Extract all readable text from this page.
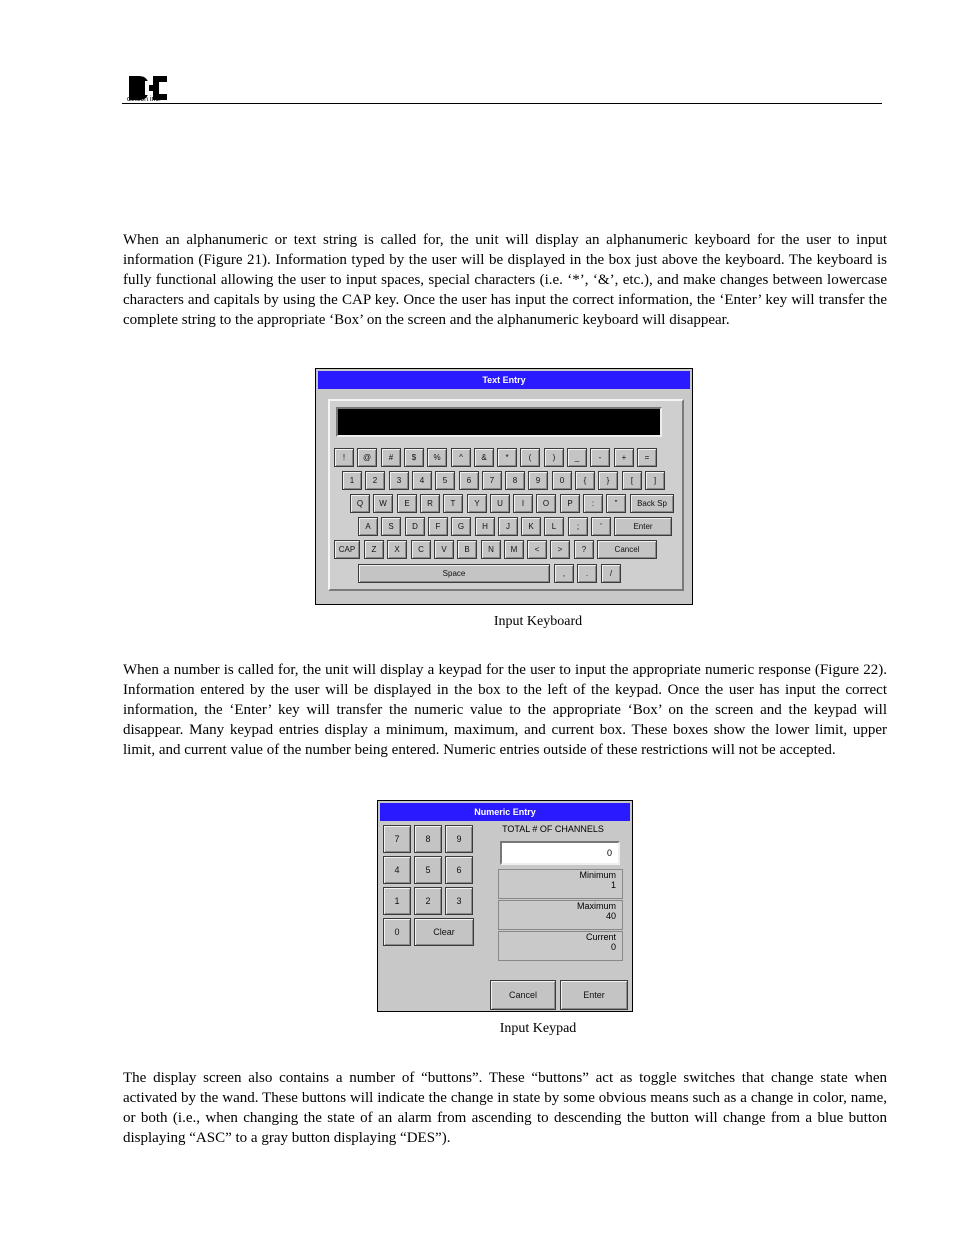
detcon inc.

When an alphanumeric or text string is called for, the unit will display an alphanumeric keyboard for the user to input information (Figure 21). Information typed by the user will be displayed in the box just above the keyboard. The keyboard is fully functional allowing the user to input spaces, special characters (i.e. ‘*’, ‘&’, etc.), and make changes between lowercase characters and capitals by using the CAP key. Once the user has input the correct information, the ‘Enter’ key will transfer the complete string to the appropriate ‘Box’ on the screen and the alphanumeric keyboard will disappear.

Text Entry
!	@	#	$	%	^	&	*	(	)	_	-	+	=
1	2	3	4	5	6	7	8	9	0	{	}	[	]
Q	W	E	R	T	Y	U	I	O	P	:	"	Back Sp
A	S	D	F	G	H	J	K	L	;	'	Enter
CAP	Z	X	C	V	B	N	M	<	>	?	Cancel
Space	,	.	/
Input Keyboard

When a number is called for, the unit will display a keypad for the user to input the appropriate numeric response (Figure 22). Information entered by the user will be displayed in the box to the left of the keypad. Once the user has input the correct information, the ‘Enter’ key will transfer the numeric value to the appropriate ‘Box’ on the screen and the keypad will disappear. Many keypad entries display a minimum, maximum, and current box. These boxes show the lower limit, upper limit, and current value of the number being entered. Numeric entries outside of these restrictions will not be accepted.

Numeric Entry
7	8	9
4	5	6
1	2	3
0	Clear
TOTAL # OF CHANNELS
0
Minimum
1
Maximum
40
Current
0
Cancel	Enter
Input Keypad

The display screen also contains a number of “buttons”. These “buttons” act as toggle switches that change state when activated by the wand. These buttons will indicate the change in state by some obvious means such as a change in color, name, or both (i.e., when changing the state of an alarm from ascending to descending the button will change from a blue button displaying “ASC” to a gray button displaying “DES”).
